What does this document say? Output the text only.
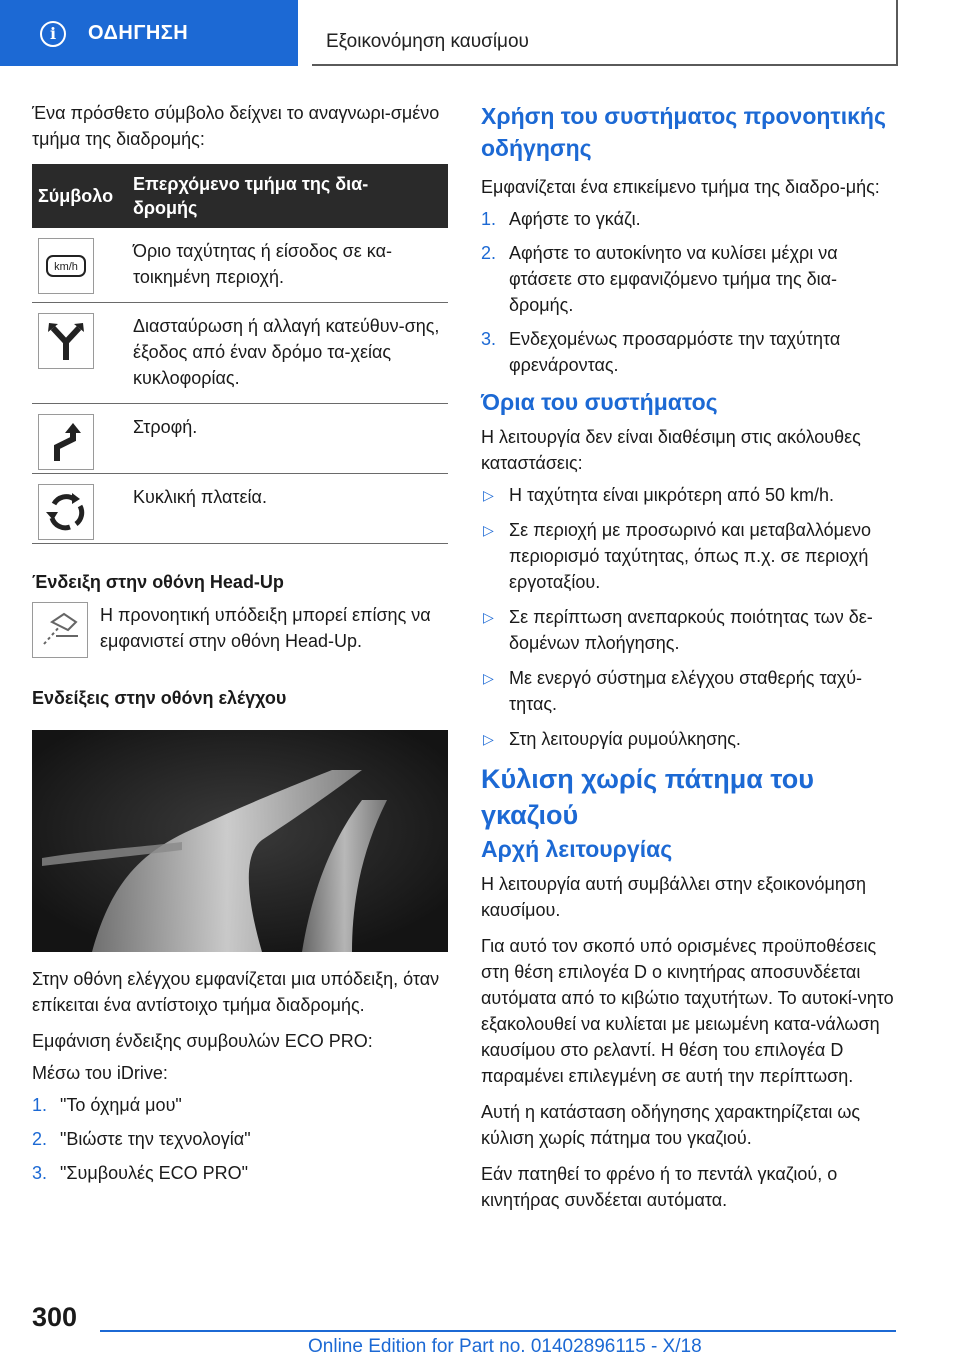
i	ΟΔΗΓΗΣΗ	Εξοικονόμηση καυσίμου

Ένα πρόσθετο σύμβολο δείχνει το αναγνωρι-σμένο τμήμα της διαδρομής:

Σύμβολο	Επερχόμενο τμήμα της δια-δρομής

km/h	Όριο ταχύτητας ή είσοδος σε κα-τοικημένη περιοχή.

	Διασταύρωση ή αλλαγή κατεύθυν-σης, έξοδος από έναν δρόμο τα-χείας κυκλοφορίας.

	Στροφή.

	Κυκλική πλατεία.
Ένδειξη στην οθόνη Head-Up
Η προνοητική υπόδειξη μπορεί επίσης να εμφανιστεί στην οθόνη Head-Up.
Ενδείξεις στην οθόνη ελέγχου

Στην οθόνη ελέγχου εμφανίζεται μια υπόδειξη, όταν επίκειται ένα αντίστοιχο τμήμα διαδρομής.

Εμφάνιση ένδειξης συμβουλών ECO PRO:

Μέσω του iDrive:

1. "Το όχημά μου"
2. "Βιώστε την τεχνολογία"
3. "Συμβουλές ECO PRO"
Χρήση του συστήματος προνοητικής οδήγησης

Εμφανίζεται ένα επικείμενο τμήμα της διαδρο-μής:

1. Αφήστε το γκάζι.
2. Αφήστε το αυτοκίνητο να κυλίσει μέχρι να φτάσετε στο εμφανιζόμενο τμήμα της δια-δρομής.
3. Ενδεχομένως προσαρμόστε την ταχύτητα φρενάροντας.
Όρια του συστήματος

Η λειτουργία δεν είναι διαθέσιμη στις ακόλουθες καταστάσεις:

▷ Η ταχύτητα είναι μικρότερη από 50 km/h.
▷ Σε περιοχή με προσωρινό και μεταβαλλόμενο περιορισμό ταχύτητας, όπως π.χ. σε περιοχή εργοταξίου.
▷ Σε περίπτωση ανεπαρκούς ποιότητας των δε-δομένων πλοήγησης.
▷ Με ενεργό σύστημα ελέγχου σταθερής ταχύ-τητας.
▷ Στη λειτουργία ρυμούλκησης.
Κύλιση χωρίς πάτημα του γκαζιού
Αρχή λειτουργίας

Η λειτουργία αυτή συμβάλλει στην εξοικονόμηση καυσίμου.

Για αυτό τον σκοπό υπό ορισμένες προϋποθέσεις στη θέση επιλογέα D ο κινητήρας αποσυνδέεται αυτόματα από το κιβώτιο ταχυτήτων. Το αυτοκί-νητο εξακολουθεί να κυλίεται με μειωμένη κατα-νάλωση καυσίμου στο ρελαντί. Η θέση του επιλογέα D παραμένει επιλεγμένη σε αυτή την περίπτωση.

Αυτή η κατάσταση οδήγησης χαρακτηρίζεται ως κύλιση χωρίς πάτημα του γκαζιού.

Εάν πατηθεί το φρένο ή το πεντάλ γκαζιού, ο κινητήρας συνδέεται αυτόματα.

300
Online Edition for Part no. 01402896115 - X/18
